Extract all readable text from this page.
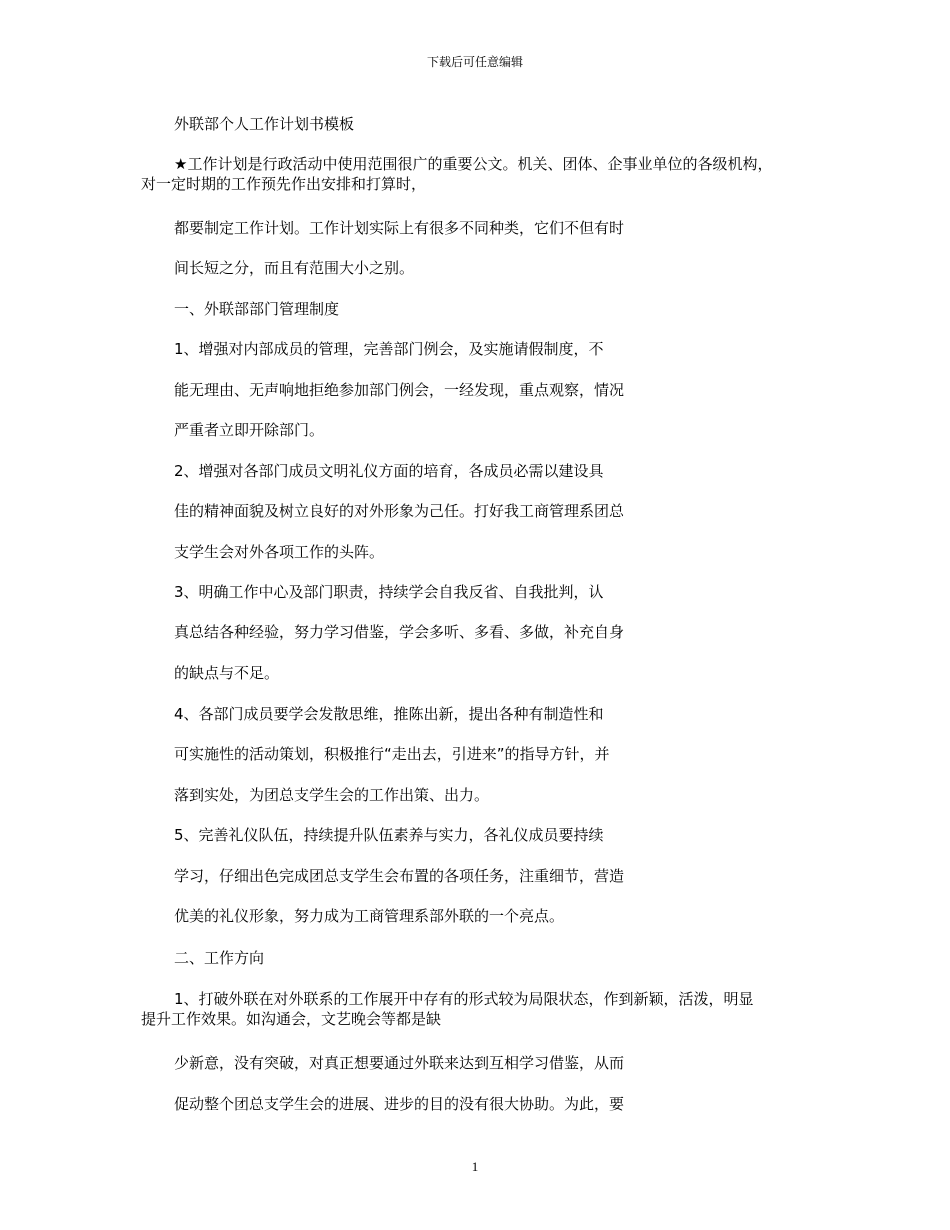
下载后可任意编辑
外联部个人工作计划书模板
★工作计划是行政活动中使用范围很广的重要公文。机关、团体、企事业单位的各级机构，
对一定时期的工作预先作出安排和打算时，
都要制定工作计划。工作计划实际上有很多不同种类，它们不但有时
间长短之分，而且有范围大小之别。
一、外联部部门管理制度
1、增强对内部成员的管理，完善部门例会，及实施请假制度，不
能无理由、无声响地拒绝参加部门例会，一经发现，重点观察，情况
严重者立即开除部门。
2、增强对各部门成员文明礼仪方面的培育，各成员必需以建设具
佳的精神面貌及树立良好的对外形象为己任。打好我工商管理系团总
支学生会对外各项工作的头阵。
3、明确工作中心及部门职责，持续学会自我反省、自我批判，认
真总结各种经验，努力学习借鉴，学会多听、多看、多做，补充自身
的缺点与不足。
4、各部门成员要学会发散思维，推陈出新，提出各种有制造性和
可实施性的活动策划，积极推行“走出去，引进来”的指导方针，并
落到实处，为团总支学生会的工作出策、出力。
5、完善礼仪队伍，持续提升队伍素养与实力，各礼仪成员要持续
学习，仔细出色完成团总支学生会布置的各项任务，注重细节，营造
优美的礼仪形象，努力成为工商管理系部外联的一个亮点。
二、工作方向
1、打破外联在对外联系的工作展开中存有的形式较为局限状态，作到新颖，活泼，明显
提升工作效果。如沟通会，文艺晚会等都是缺
少新意，没有突破，对真正想要通过外联来达到互相学习借鉴，从而
促动整个团总支学生会的进展、进步的目的没有很大协助。为此，要
1
